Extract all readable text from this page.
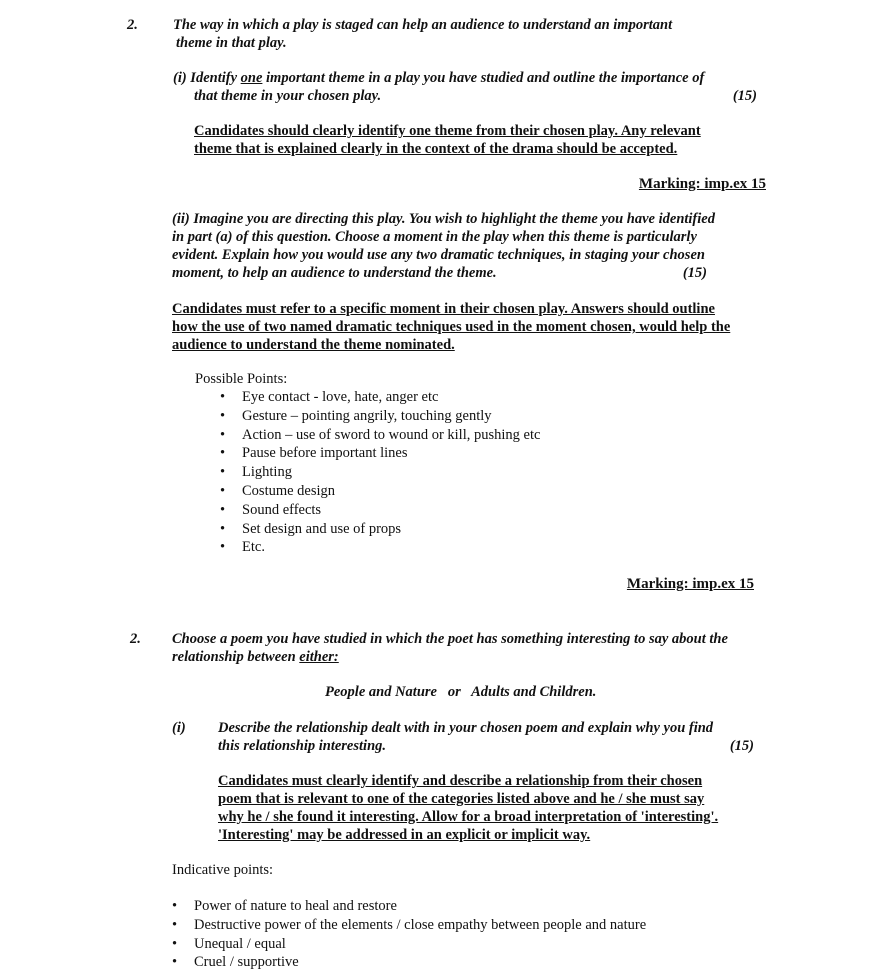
2. The way in which a play is staged can help an audience to understand an important
theme in that play.
(i) Identify one important theme in a play you have studied and outline the importance of
that theme in your chosen play.	(15)
Candidates should clearly identify one theme from their chosen play. Any relevant
theme that is explained clearly in the context of the drama should be accepted.
Marking: imp.ex 15
(ii) Imagine you are directing this play. You wish to highlight the theme you have identified
in part (a) of this question. Choose a moment in the play when this theme is particularly
evident. Explain how you would use any two dramatic techniques, in staging your chosen
moment, to help an audience to understand the theme.	(15)
Candidates must refer to a specific moment in their chosen play. Answers should outline
how the use of two named dramatic techniques used in the moment chosen, would help the
audience to understand the theme nominated.
Possible Points:
• Eye contact - love, hate, anger etc
• Gesture – pointing angrily, touching gently
• Action – use of sword to wound or kill, pushing etc
• Pause before important lines
• Lighting
• Costume design
• Sound effects
• Set design and use of props
• Etc.
Marking: imp.ex 15
2. Choose a poem you have studied in which the poet has something interesting to say about the
relationship between either:
People and Nature   or   Adults and Children.
(i) Describe the relationship dealt with in your chosen poem and explain why you find
this relationship interesting.	(15)
Candidates must clearly identify and describe a relationship from their chosen
poem that is relevant to one of the categories listed above and he / she must say
why he / she found it interesting. Allow for a broad interpretation of 'interesting'.
'Interesting' may be addressed in an explicit or implicit way.
Indicative points:
• Power of nature to heal and restore
• Destructive power of the elements / close empathy between people and nature
• Unequal / equal
• Cruel / supportive
